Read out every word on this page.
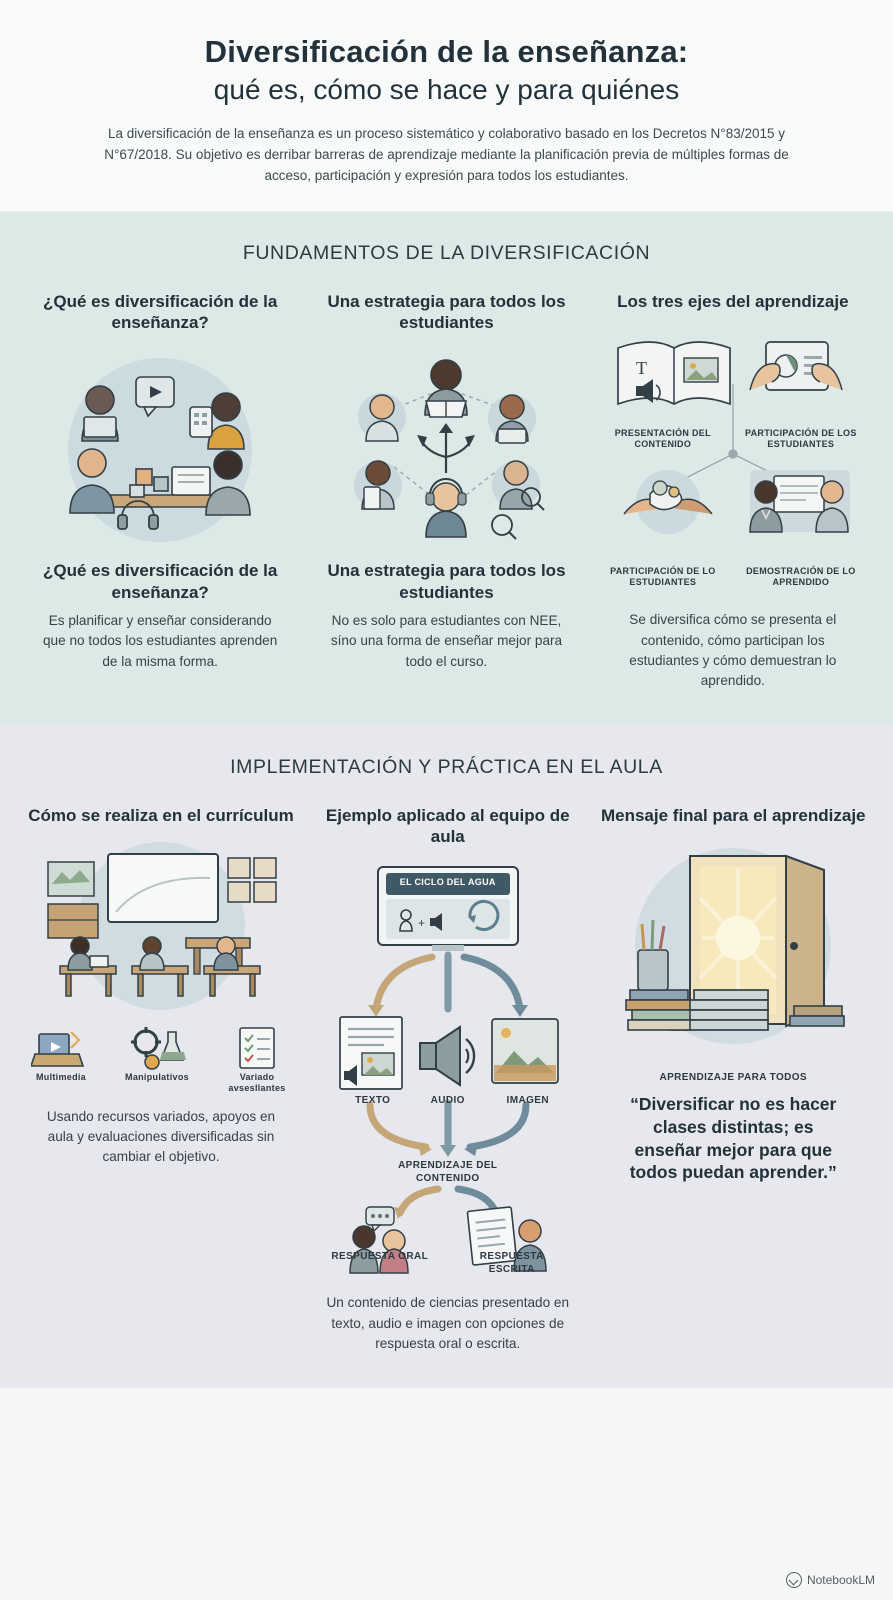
Diversificación de la enseñanza:
qué es, cómo se hace y para quiénes
La diversificación de la enseñanza es un proceso sistemático y colaborativo basado en los Decretos N°83/2015 y N°67/2018. Su objetivo es derribar barreras de aprendizaje mediante la planificación previa de múltiples formas de acceso, participación y expresión para todos los estudiantes.
FUNDAMENTOS DE LA DIVERSIFICACIÓN
¿Qué es diversificación de la enseñanza?
¿Qué es diversificación de la enseñanza?
Es planificar y enseñar considerando que no todos los estudiantes aprenden de la misma forma.
Una estrategia para todos los estudiantes
Una estrategia para todos los estudiantes
No es solo para estudiantes con NEE, síno una forma de enseñar mejor para todo el curso.
Los tres ejes del aprendizaje
T
PRESENTACIÓN DEL CONTENIDO
PARTICIPACIÓN DE LOS ESTUDIANTES
PARTICIPACIÓN DE LO ESTUDIANTES
DEMOSTRACIÓN DE LO APRENDIDO
Se diversifica cómo se presenta el contenido, cómo participan los estudiantes y cómo demuestran lo aprendido.
IMPLEMENTACIÓN Y PRÁCTICA EN EL AULA
Cómo se realiza en el currículum
Multimedia	Manipulativos	Variado avsesllantes
Usando recursos variados, apoyos en aula y evaluaciones diversificadas sin cambiar el objetivo.
Ejemplo aplicado al equipo de aula
+
TEXTO	AUDIO	IMAGEN
APRENDIZAJE DEL CONTENIDO
RESPUESTA ORAL	RESPUESTA ESCRITA
EL CICLO DEL AGUA
Un contenido de ciencias presentado en texto, audio e imagen con opciones de respuesta oral o escrita.
Mensaje final para el aprendizaje
APRENDIZAJE PARA TODOS
“Diversificar no es hacer clases distintas; es enseñar mejor para que todos puedan aprender.”
NotebookLM
